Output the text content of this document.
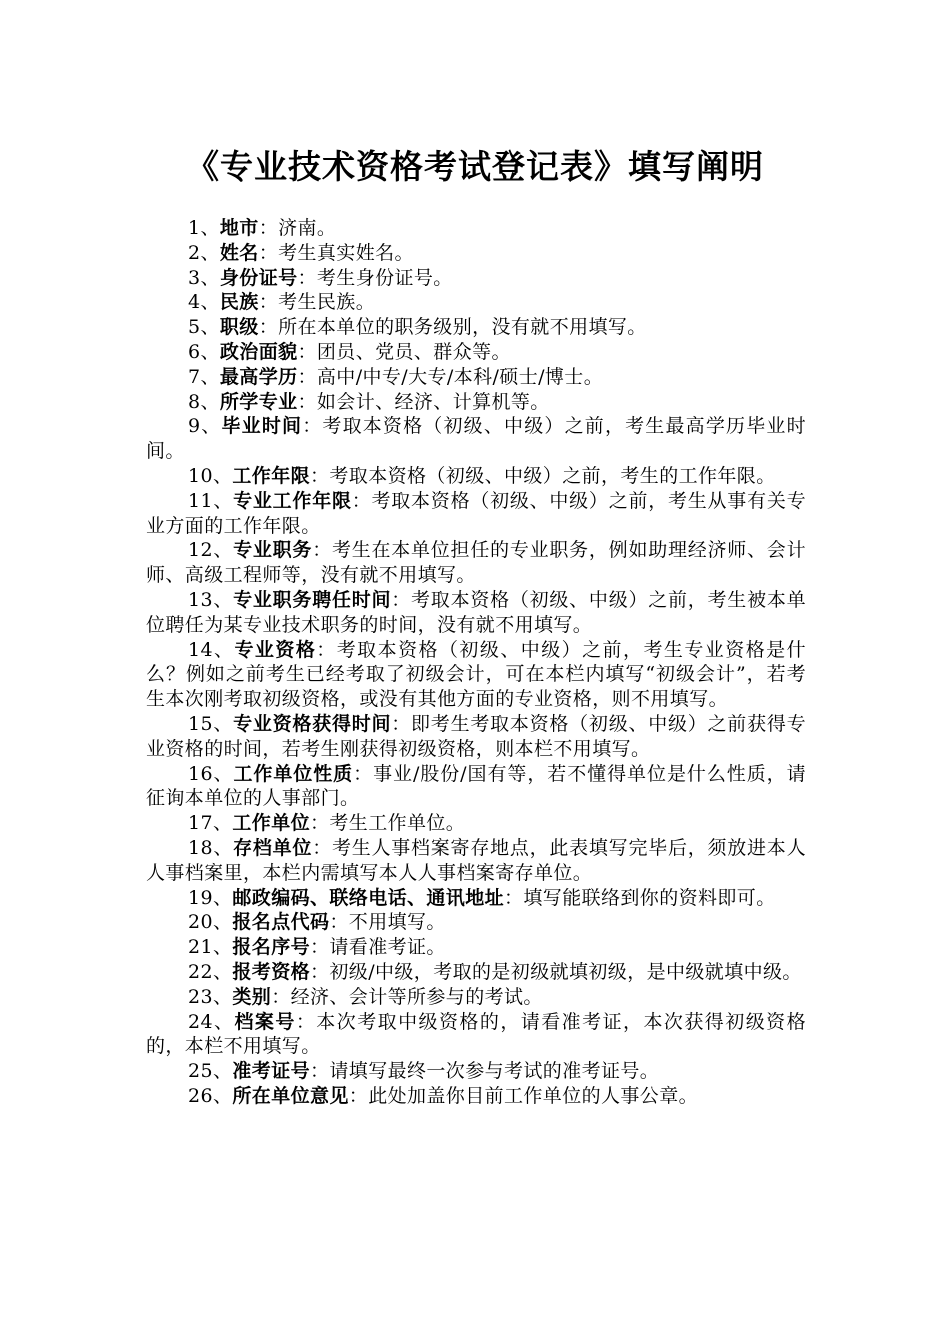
《专业技术资格考试登记表》填写阐明
1、地市：济南。
2、姓名：考生真实姓名。
3、身份证号：考生身份证号。
4、民族：考生民族。
5、职级：所在本单位的职务级别，没有就不用填写。
6、政治面貌：团员、党员、群众等。
7、最高学历：高中/中专/大专/本科/硕士/博士。
8、所学专业：如会计、经济、计算机等。
9、毕业时间：考取本资格（初级、中级）之前，考生最高学历毕业时间。
10、工作年限：考取本资格（初级、中级）之前，考生的工作年限。
11、专业工作年限：考取本资格（初级、中级）之前，考生从事有关专业方面的工作年限。
12、专业职务：考生在本单位担任的专业职务，例如助理经济师、会计师、高级工程师等，没有就不用填写。
13、专业职务聘任时间：考取本资格（初级、中级）之前，考生被本单位聘任为某专业技术职务的时间，没有就不用填写。
14、专业资格：考取本资格（初级、中级）之前，考生专业资格是什么？例如之前考生已经考取了初级会计，可在本栏内填写“初级会计”，若考生本次刚考取初级资格，或没有其他方面的专业资格，则不用填写。
15、专业资格获得时间：即考生考取本资格（初级、中级）之前获得专业资格的时间，若考生刚获得初级资格，则本栏不用填写。
16、工作单位性质：事业/股份/国有等，若不懂得单位是什么性质，请征询本单位的人事部门。
17、工作单位：考生工作单位。
18、存档单位：考生人事档案寄存地点，此表填写完毕后，须放进本人人事档案里，本栏内需填写本人人事档案寄存单位。
19、邮政编码、联络电话、通讯地址：填写能联络到你的资料即可。
20、报名点代码：不用填写。
21、报名序号：请看准考证。
22、报考资格：初级/中级，考取的是初级就填初级，是中级就填中级。
23、类别：经济、会计等所参与的考试。
24、档案号：本次考取中级资格的，请看准考证，本次获得初级资格的，本栏不用填写。
25、准考证号：请填写最终一次参与考试的准考证号。
26、所在单位意见：此处加盖你目前工作单位的人事公章。
